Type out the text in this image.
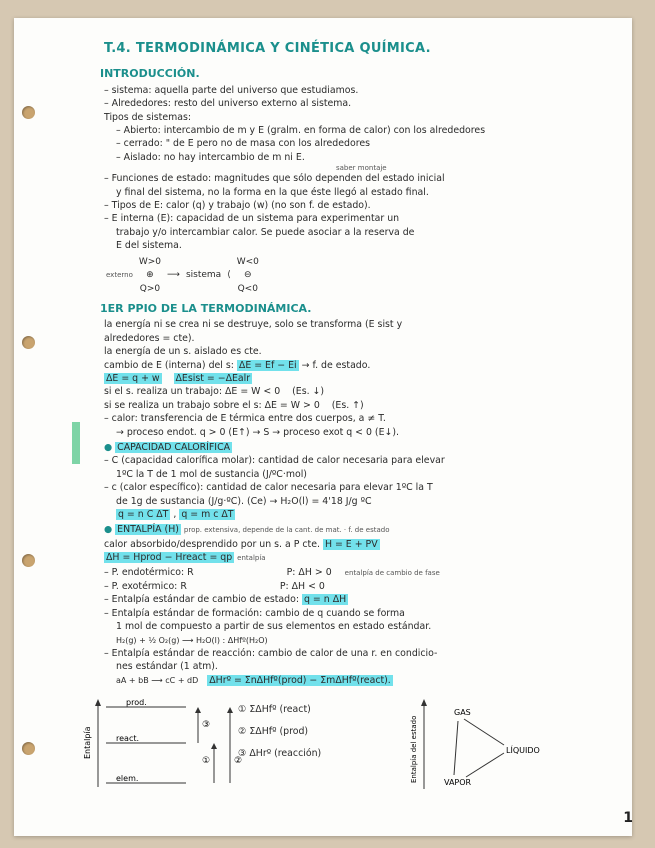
T.4. TERMODINÁMICA Y CINÉTICA QUÍMICA.
INTRODUCCIÓN.
– sistema: aquella parte del universo que estudiamos.
– Alrededores: resto del universo externo al sistema.
Tipos de sistemas:
– Abierto: intercambio de m y E (gralm. en forma de calor) con los alrededores
– cerrado: " de E pero no de masa con los alrededores
– Aislado: no hay intercambio de m ni E.
saber montaje
– Funciones de estado: magnitudes que sólo dependen del estado inicial
y final del sistema, no la forma en la que éste llegó al estado final.
– Tipos de E: calor (q) y trabajo (w) (no son f. de estado).
– E interna (E): capacidad de un sistema para experimentar un
trabajo y/o intercambiar calor. Se puede asociar a la reserva de
E del sistema.
externo
W>0
⊕
Q>0
⟶ sistema ⟨
W<0
⊖
Q<0
1ER PPIO DE LA TERMODINÁMICA.
la energía ni se crea ni se destruye, solo se transforma (E sist y
alrededores = cte).
la energía de un s. aislado es cte.
cambio de E (interna) del s: ΔE = Ef − Ei → f. de estado.
ΔE = q + w ΔEsist = −ΔEalr
si el s. realiza un trabajo: ΔE = W < 0 (Es. ↓)
si se realiza un trabajo sobre el s: ΔE = W > 0 (Es. ↑)
– calor: transferencia de E térmica entre dos cuerpos, a ≠ T.
→ proceso endot. q > 0 (E↑) → S → proceso exot q < 0 (E↓).
● CAPACIDAD CALORÍFICA
– C (capacidad calorífica molar): cantidad de calor necesaria para elevar
1ºC la T de 1 mol de sustancia (J/ºC·mol)
– c (calor específico): cantidad de calor necesaria para elevar 1ºC la T
de 1g de sustancia (J/g·ºC). (Ce) → H₂O(l) = 4'18 J/g ºC
q = n C ΔT , q = m c ΔT
● ENTALPÍA (H) prop. extensiva, depende de la cant. de mat. · f. de estado
calor absorbido/desprendido por un s. a P cte. H = E + PV
ΔH = Hprod − Hreact = qp entalpía
– P. endotérmico: R	P: ΔH > 0 entalpía de cambio de fase
– P. exotérmico: R	P: ΔH < 0
– Entalpía estándar de cambio de estado: q = n ΔH
– Entalpía estándar de formación: cambio de q cuando se forma
1 mol de compuesto a partir de sus elementos en estado estándar.
H₂(g) + ½ O₂(g) ⟶ H₂O(l) : ΔHfº(H₂O)
– Entalpía estándar de reacción: cambio de calor de una r. en condicio-
nes estándar (1 atm).
aA + bB ⟶ cC + dD ΔHrº = ΣnΔHfº(prod) − ΣmΔHfº(react).
Entalpía
prod.
react.
elem.
①	②
③
① ΣΔHfº (react)
② ΣΔHfº (prod)
③ ΔHrº (reacción)	Entalpía del estado
GAS
LÍQUIDO
VAPOR
1
